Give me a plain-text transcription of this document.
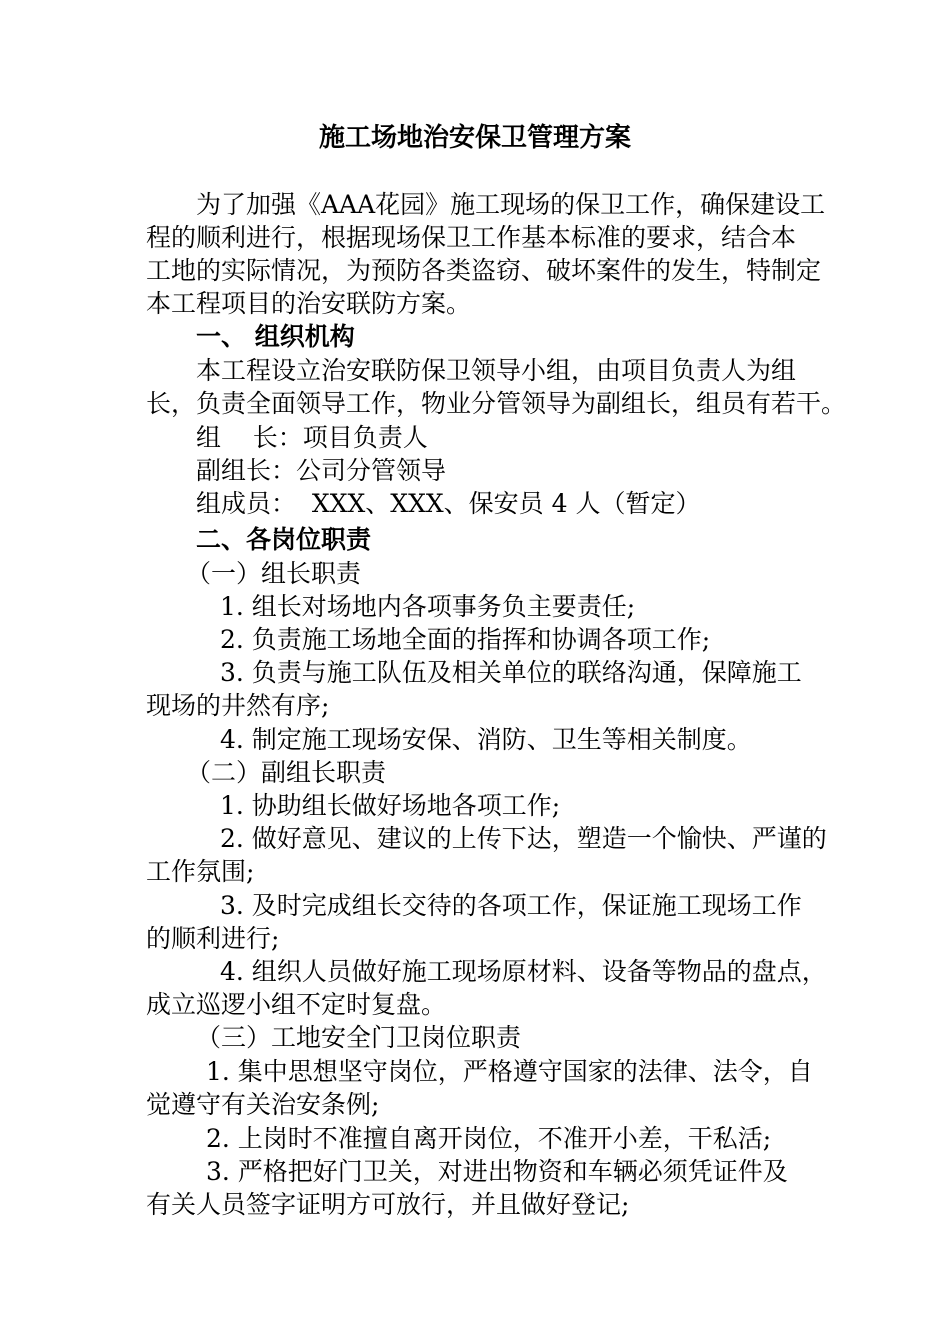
施工场地治安保卫管理方案
为了加强《AAA花园》施工现场的保卫工作，确保建设工
程的顺利进行，根据现场保卫工作基本标准的要求，结合本
工地的实际情况，为预防各类盗窃、破坏案件的发生，特制定
本工程项目的治安联防方案。
一、 组织机构
本工程设立治安联防保卫领导小组，由项目负责人为组
长，负责全面领导工作，物业分管领导为副组长，组员有若干。
组    长：项目负责人
副组长：公司分管领导
组成员：  XXX、XXX、保安员 4 人（暂定）
二、各岗位职责
（一）组长职责
1. 组长对场地内各项事务负主要责任;
2. 负责施工场地全面的指挥和协调各项工作;
3. 负责与施工队伍及相关单位的联络沟通，保障施工
现场的井然有序;
4. 制定施工现场安保、消防、卫生等相关制度。
（二）副组长职责
1. 协助组长做好场地各项工作;
2. 做好意见、建议的上传下达，塑造一个愉快、严谨的
工作氛围;
3. 及时完成组长交待的各项工作，保证施工现场工作
的顺利进行;
4. 组织人员做好施工现场原材料、设备等物品的盘点，
成立巡逻小组不定时复盘。
（三）工地安全门卫岗位职责
1. 集中思想坚守岗位，严格遵守国家的法律、法令，自
觉遵守有关治安条例;
2. 上岗时不准擅自离开岗位，不准开小差，干私活;
3. 严格把好门卫关，对进出物资和车辆必须凭证件及
有关人员签字证明方可放行，并且做好登记;
